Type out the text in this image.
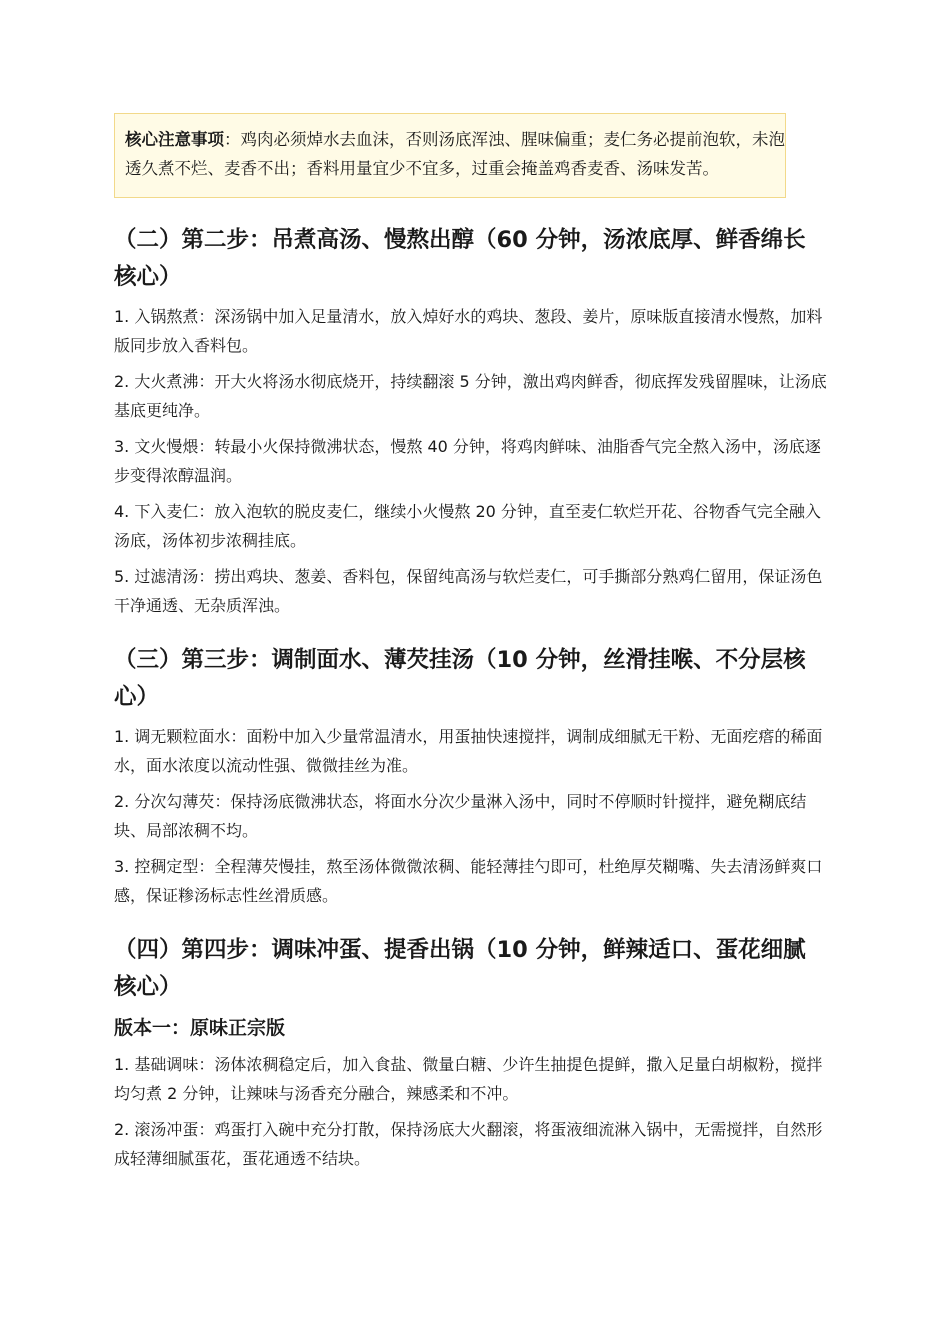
核心注意事项：鸡肉必须焯水去血沫，否则汤底浑浊、腥味偏重；麦仁务必提前泡软，未泡透久煮不烂、麦香不出；香料用量宜少不宜多，过重会掩盖鸡香麦香、汤味发苦。
（二）第二步：吊煮高汤、慢熬出醇（60 分钟，汤浓底厚、鲜香绵长核心）
1. 入锅熬煮：深汤锅中加入足量清水，放入焯好水的鸡块、葱段、姜片，原味版直接清水慢熬，加料版同步放入香料包。
2. 大火煮沸：开大火将汤水彻底烧开，持续翻滚 5 分钟，激出鸡肉鲜香，彻底挥发残留腥味，让汤底基底更纯净。
3. 文火慢煨：转最小火保持微沸状态，慢熬 40 分钟，将鸡肉鲜味、油脂香气完全熬入汤中，汤底逐步变得浓醇温润。
4. 下入麦仁：放入泡软的脱皮麦仁，继续小火慢熬 20 分钟，直至麦仁软烂开花、谷物香气完全融入汤底，汤体初步浓稠挂底。
5. 过滤清汤：捞出鸡块、葱姜、香料包，保留纯高汤与软烂麦仁，可手撕部分熟鸡仁留用，保证汤色干净通透、无杂质浑浊。
（三）第三步：调制面水、薄芡挂汤（10 分钟，丝滑挂喉、不分层核心）
1. 调无颗粒面水：面粉中加入少量常温清水，用蛋抽快速搅拌，调制成细腻无干粉、无面疙瘩的稀面水，面水浓度以流动性强、微微挂丝为准。
2. 分次勾薄芡：保持汤底微沸状态，将面水分次少量淋入汤中，同时不停顺时针搅拌，避免糊底结块、局部浓稠不均。
3. 控稠定型：全程薄芡慢挂，熬至汤体微微浓稠、能轻薄挂勺即可，杜绝厚芡糊嘴、失去清汤鲜爽口感，保证糁汤标志性丝滑质感。
（四）第四步：调味冲蛋、提香出锅（10 分钟，鲜辣适口、蛋花细腻核心）
版本一：原味正宗版
1. 基础调味：汤体浓稠稳定后，加入食盐、微量白糖、少许生抽提色提鲜，撒入足量白胡椒粉，搅拌均匀煮 2 分钟，让辣味与汤香充分融合，辣感柔和不冲。
2. 滚汤冲蛋：鸡蛋打入碗中充分打散，保持汤底大火翻滚，将蛋液细流淋入锅中，无需搅拌，自然形成轻薄细腻蛋花，蛋花通透不结块。
